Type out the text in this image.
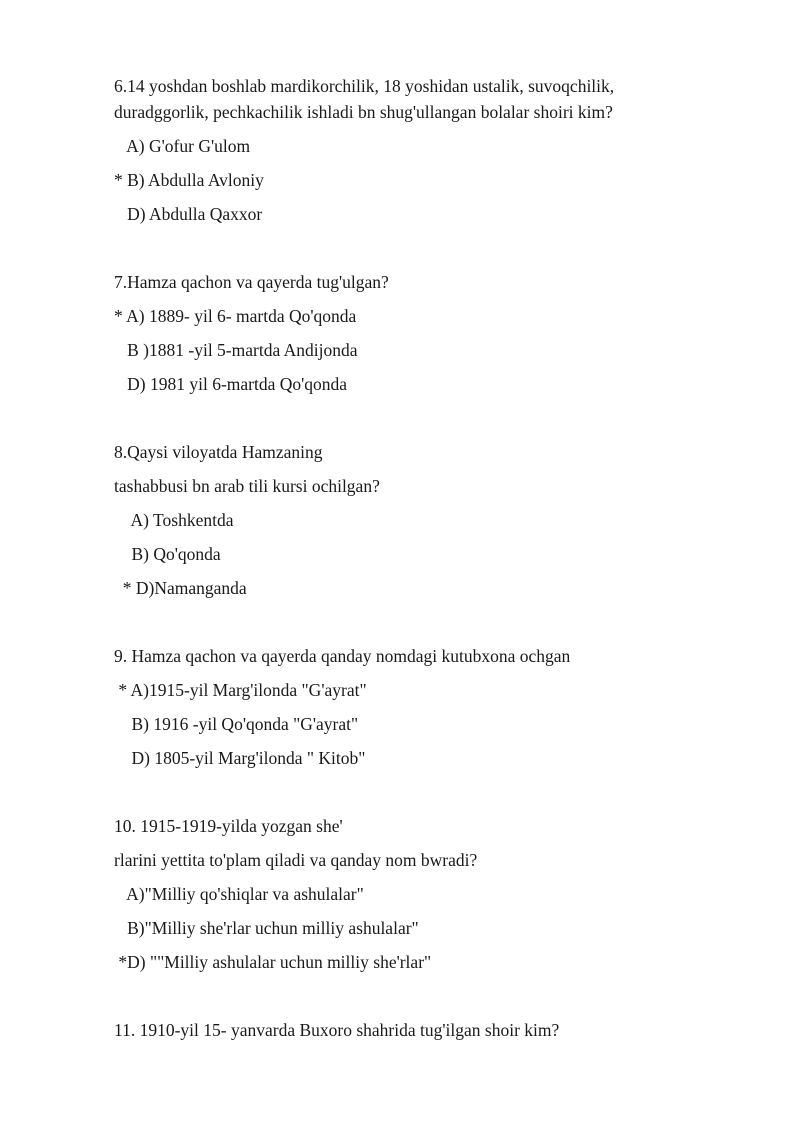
6.14 yoshdan boshlab mardikorchilik, 18 yoshidan ustalik, suvoqchilik,
duradggorlik, pechkachilik ishladi bn shug'ullangan bolalar shoiri kim?
A) G'ofur G'ulom
* B) Abdulla Avloniy
D) Abdulla Qaxxor
7.Hamza qachon va qayerda tug'ulgan?
* A) 1889- yil 6- martda Qo'qonda
B )1881 -yil 5-martda Andijonda
D) 1981 yil 6-martda Qo'qonda
8.Qaysi viloyatda Hamzaning
tashabbusi bn arab tili kursi ochilgan?
A) Toshkentda
B) Qo'qonda
* D)Namanganda
9. Hamza qachon va qayerda qanday nomdagi kutubxona ochgan
* A)1915-yil Marg'ilonda "G'ayrat"
B) 1916 -yil Qo'qonda "G'ayrat"
D) 1805-yil Marg'ilonda " Kitob"
10. 1915-1919-yilda yozgan she'
rlarini yettita to'plam qiladi va qanday nom bwradi?
A)"Milliy qo'shiqlar va ashulalar"
B)"Milliy she'rlar uchun milliy ashulalar"
*D) ""Milliy ashulalar uchun milliy she'rlar"
11. 1910-yil 15- yanvarda Buxoro shahrida tug'ilgan shoir kim?
